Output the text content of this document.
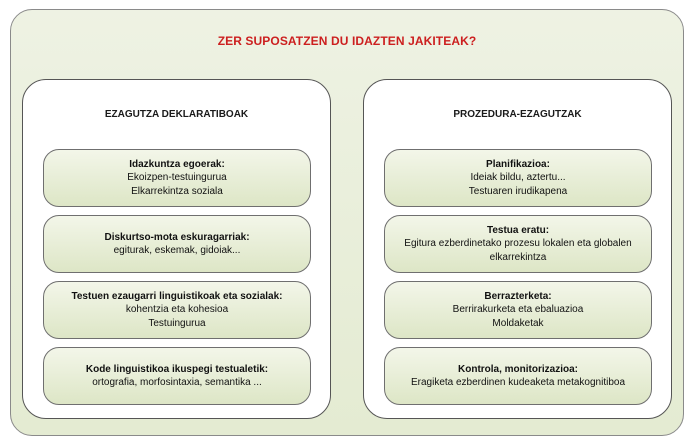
ZER SUPOSATZEN DU IDAZTEN JAKITEAK?
EZAGUTZA DEKLARATIBOAK
Idazkuntza egoerak:
Ekoizpen-testuingurua
Elkarrekintza soziala
Diskurtso-mota eskuragarriak:
egiturak, eskemak, gidoiak...
Testuen ezaugarri linguistikoak eta sozialak:
kohentzia eta kohesioa
Testuingurua
Kode linguistikoa ikuspegi testualetik:
ortografia, morfosintaxia, semantika ...
PROZEDURA-EZAGUTZAK
Planifikazioa:
Ideiak bildu, aztertu...
Testuaren irudikapena
Testua eratu:
Egitura ezberdinetako prozesu lokalen eta globalen
elkarrekintza
Berrazterketa:
Berrirakurketa eta ebaluazioa
Moldaketak
Kontrola, monitorizazioa:
Eragiketa ezberdinen kudeaketa metakognitiboa
